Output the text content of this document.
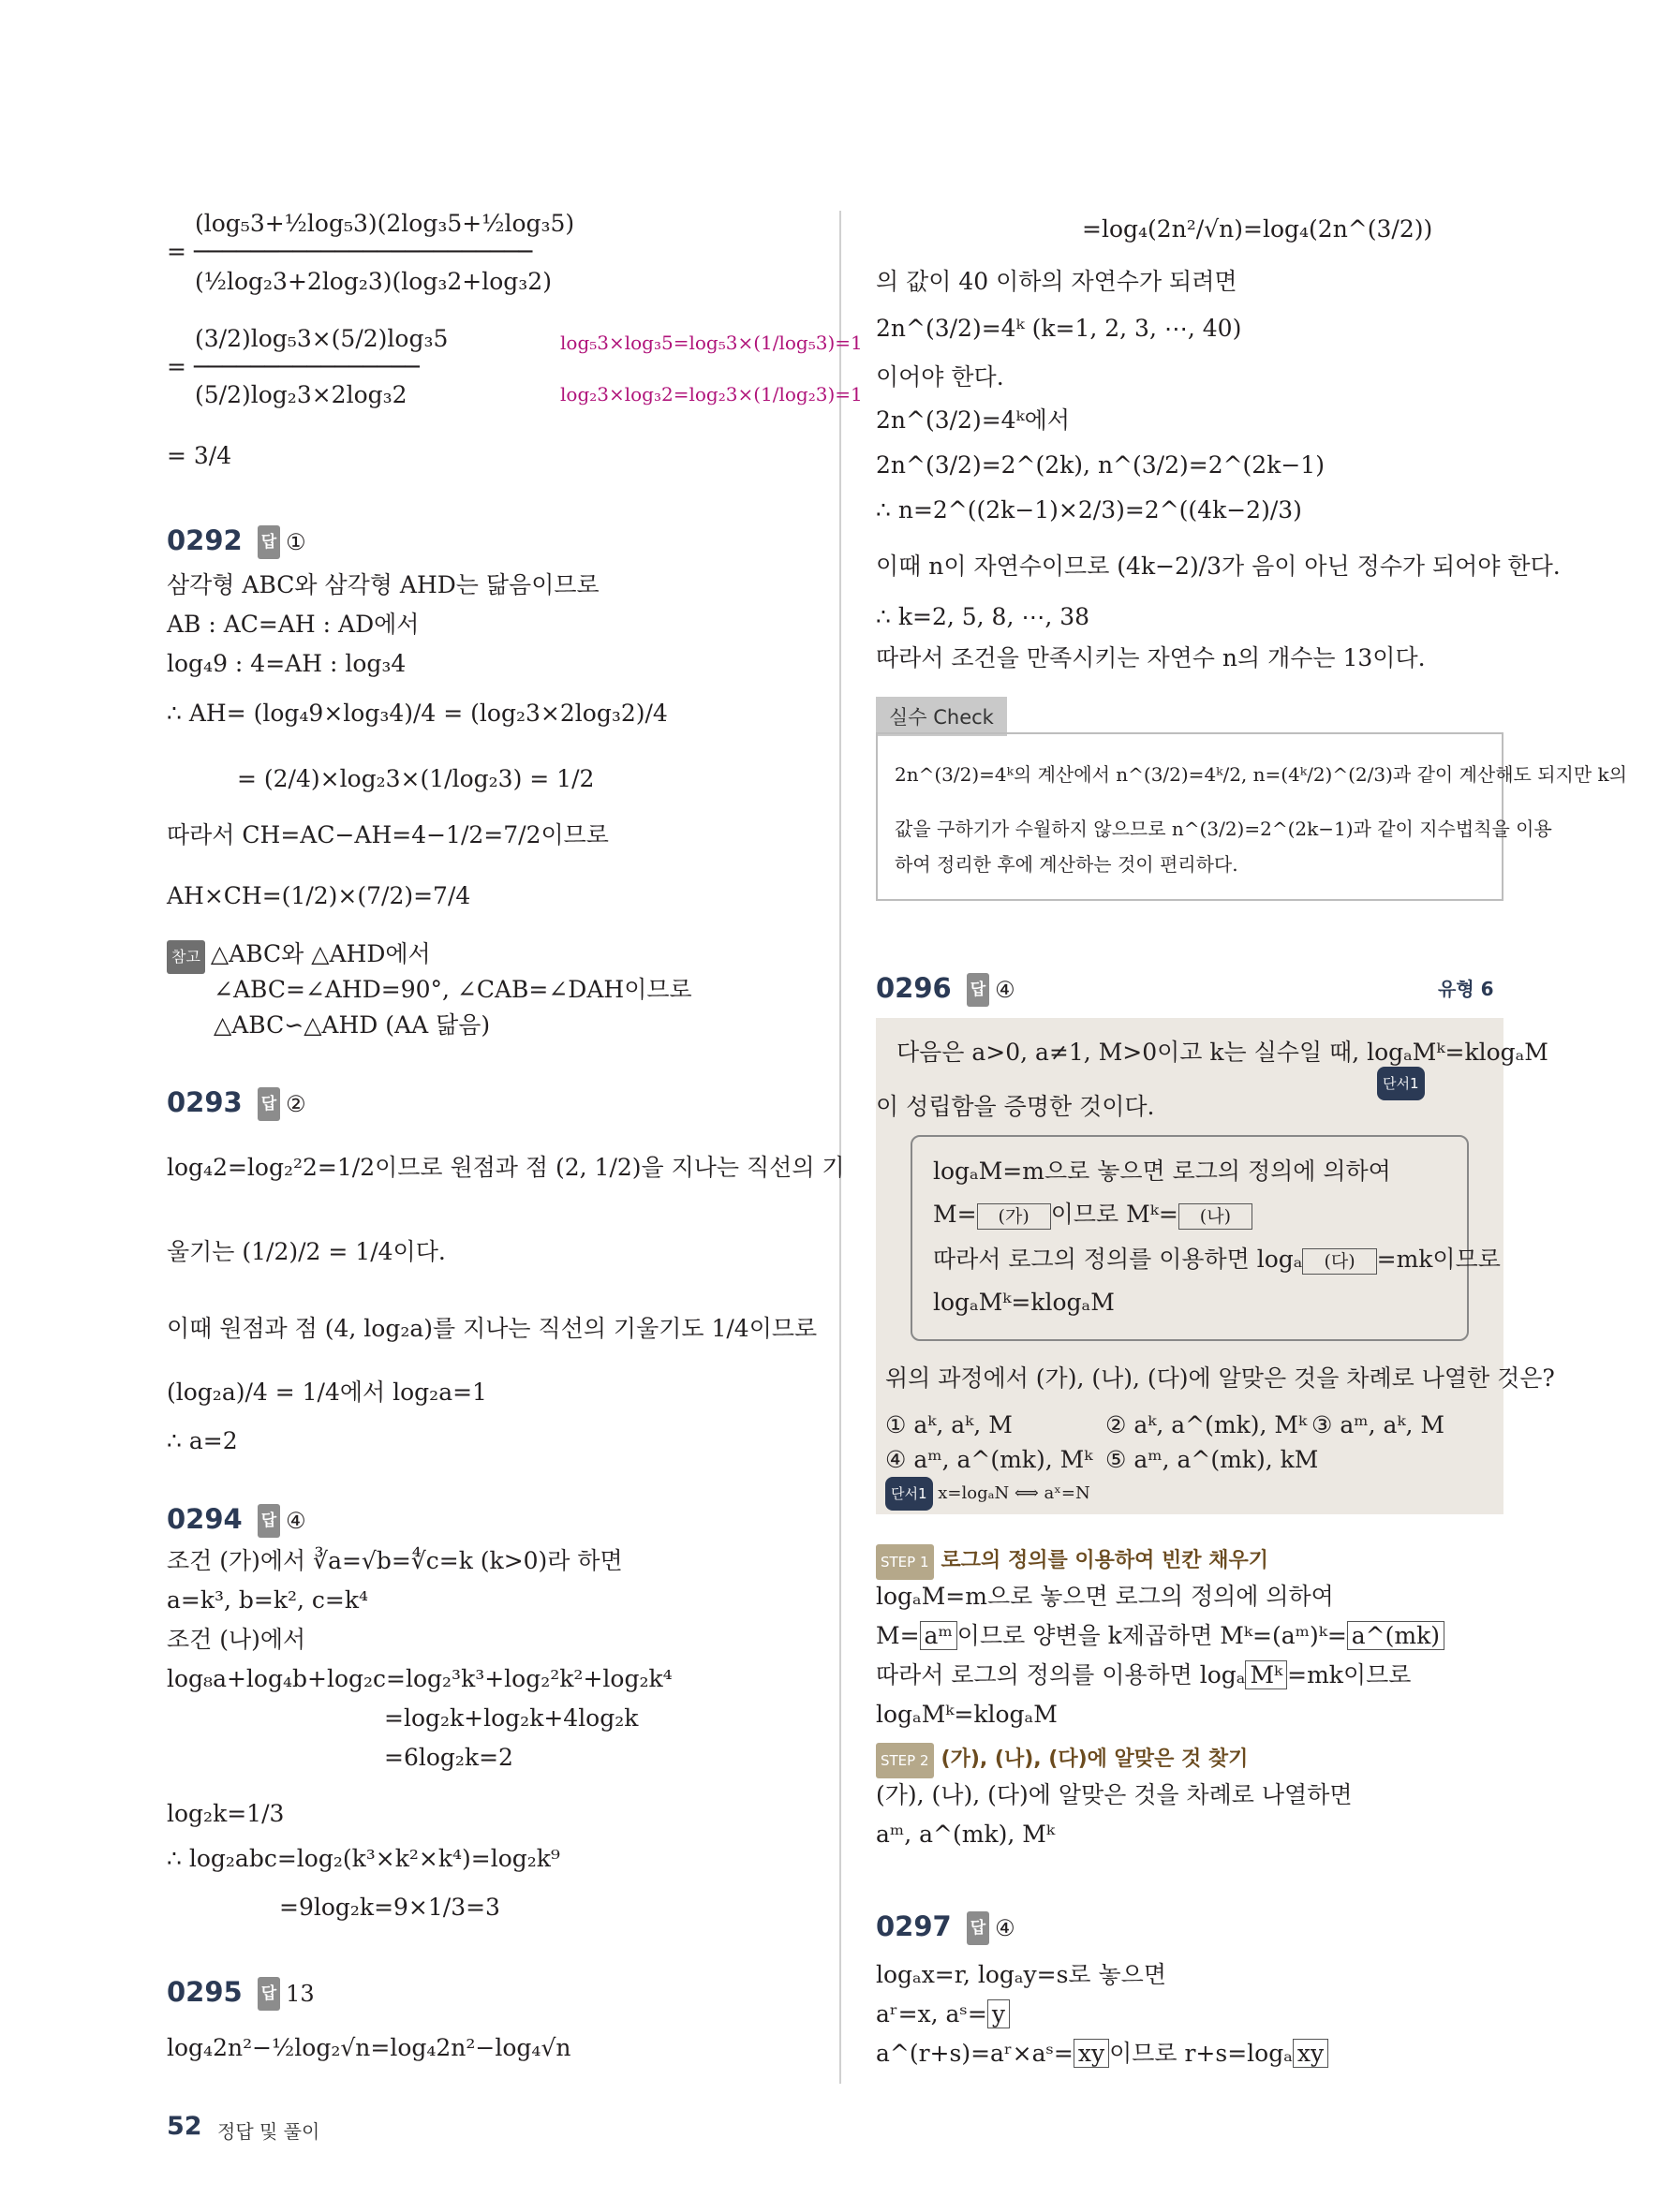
(log₅3+½log₅3)(2log₃5+½log₃5)
= ────────────────────────
(½log₂3+2log₂3)(log₃2+log₃2)
(3/2)log₅3×(5/2)log₃5
= ────────────────
(5/2)log₂3×2log₃2
log₅3×log₃5=log₅3×(1/log₅3)=1
log₂3×log₃2=log₂3×(1/log₂3)=1
= 3/4
0292 답 ①
삼각형 ABC와 삼각형 AHD는 닮음이므로
AB : AC=AH : AD에서
log₄9 : 4=AH : log₃4
∴ AH= (log₄9×log₃4)/4 = (log₂3×2log₃2)/4
= (2/4)×log₂3×(1/log₂3) = 1/2
따라서 CH=AC−AH=4−1/2=7/2이므로
AH×CH=(1/2)×(7/2)=7/4
참고 △ABC와 △AHD에서
∠ABC=∠AHD=90°, ∠CAB=∠DAH이므로
△ABC∽△AHD (AA 닮음)
0293 답 ②
log₄2=log₂²2=1/2이므로 원점과 점 (2, 1/2)을 지나는 직선의 기
울기는 (1/2)/2 = 1/4이다.
이때 원점과 점 (4, log₂a)를 지나는 직선의 기울기도 1/4이므로
(log₂a)/4 = 1/4에서 log₂a=1
∴ a=2
0294 답 ④
조건 (가)에서 ∛a=√b=∜c=k (k>0)라 하면
a=k³, b=k², c=k⁴
조건 (나)에서
log₈a+log₄b+log₂c=log₂³k³+log₂²k²+log₂k⁴
=log₂k+log₂k+4log₂k
=6log₂k=2
log₂k=1/3
∴ log₂abc=log₂(k³×k²×k⁴)=log₂k⁹
=9log₂k=9×1/3=3
0295 답 13
log₄2n²−½log₂√n=log₄2n²−log₄√n
=log₄(2n²/√n)=log₄(2n^(3/2))
의 값이 40 이하의 자연수가 되려면
2n^(3/2)=4ᵏ (k=1, 2, 3, ⋯, 40)
이어야 한다.
2n^(3/2)=4ᵏ에서
2n^(3/2)=2^(2k), n^(3/2)=2^(2k−1)
∴ n=2^((2k−1)×2/3)=2^((4k−2)/3)
이때 n이 자연수이므로 (4k−2)/3가 음이 아닌 정수가 되어야 한다.
∴ k=2, 5, 8, ⋯, 38
따라서 조건을 만족시키는 자연수 n의 개수는 13이다.
실수 Check
2n^(3/2)=4ᵏ의 계산에서 n^(3/2)=4ᵏ/2, n=(4ᵏ/2)^(2/3)과 같이 계산해도 되지만 k의
값을 구하기가 수월하지 않으므로 n^(3/2)=2^(2k−1)과 같이 지수법칙을 이용
하여 정리한 후에 계산하는 것이 편리하다.
0296 답 ④	유형 6
다음은 a>0, a≠1, M>0이고 k는 실수일 때, logₐMᵏ=klogₐM
단서1
이 성립함을 증명한 것이다.
위의 과정에서 (가), (나), (다)에 알맞은 것을 차례로 나열한 것은?
① aᵏ, aᵏ, M	② aᵏ, a^(mk), Mᵏ ③ aᵐ, aᵏ, M
④ aᵐ, a^(mk), Mᵏ ⑤ aᵐ, a^(mk), kM
단서1 x=logₐN ⟺ aˣ=N
logₐM=m으로 놓으면 로그의 정의에 의하여
M= (가) 이므로 Mᵏ= (나)
따라서 로그의 정의를 이용하면 logₐ (다) =mk이므로
logₐMᵏ=klogₐM
STEP 1 로그의 정의를 이용하여 빈칸 채우기
logₐM=m으로 놓으면 로그의 정의에 의하여
M= aᵐ 이므로 양변을 k제곱하면 Mᵏ=(aᵐ)ᵏ= a^(mk)
따라서 로그의 정의를 이용하면 logₐ Mᵏ =mk이므로
logₐMᵏ=klogₐM
STEP 2 (가), (나), (다)에 알맞은 것 찾기
(가), (나), (다)에 알맞은 것을 차례로 나열하면
aᵐ, a^(mk), Mᵏ
0297 답 ④
logₐx=r, logₐy=s로 놓으면
aʳ=x, aˢ= y
a^(r+s)=aʳ×aˢ= xy 이므로 r+s=logₐ xy
52 정답 및 풀이
